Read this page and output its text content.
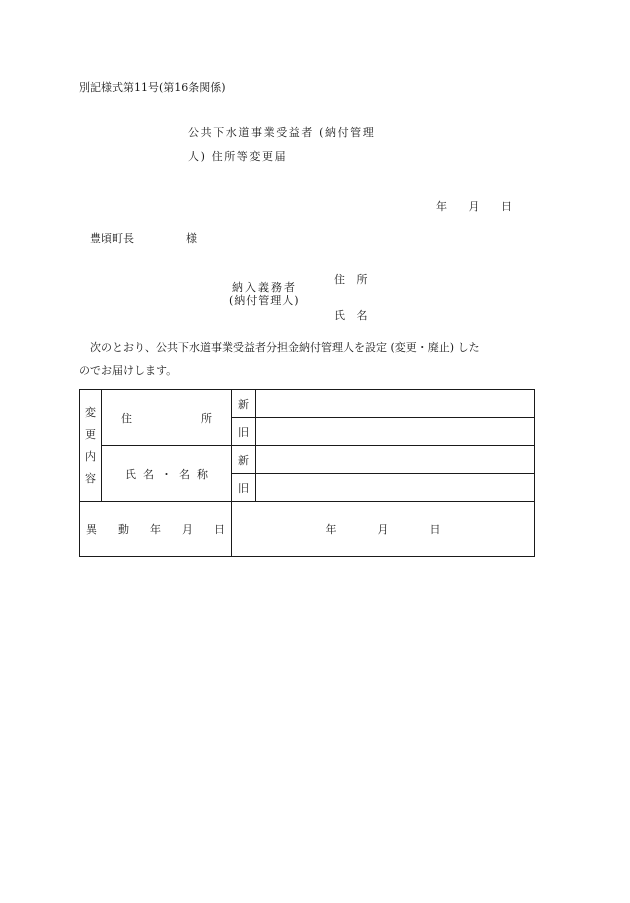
別記様式第11号(第16条関係)

公共下水道事業受益者 (納付管理

人) 住所等変更届

年 月 日

豊頃町長	様

納入義務者

(納付管理人)

住 所

氏 名

次のとおり、公共下水道事業受益者分担金納付管理人を設定 (変更・廃止) した

のでお届けします。

変
更
内
容	住 所	新	
		旧	
	氏 名 ・ 名 称	新	
		旧	
異 動 年 月 日		年 月 日	
